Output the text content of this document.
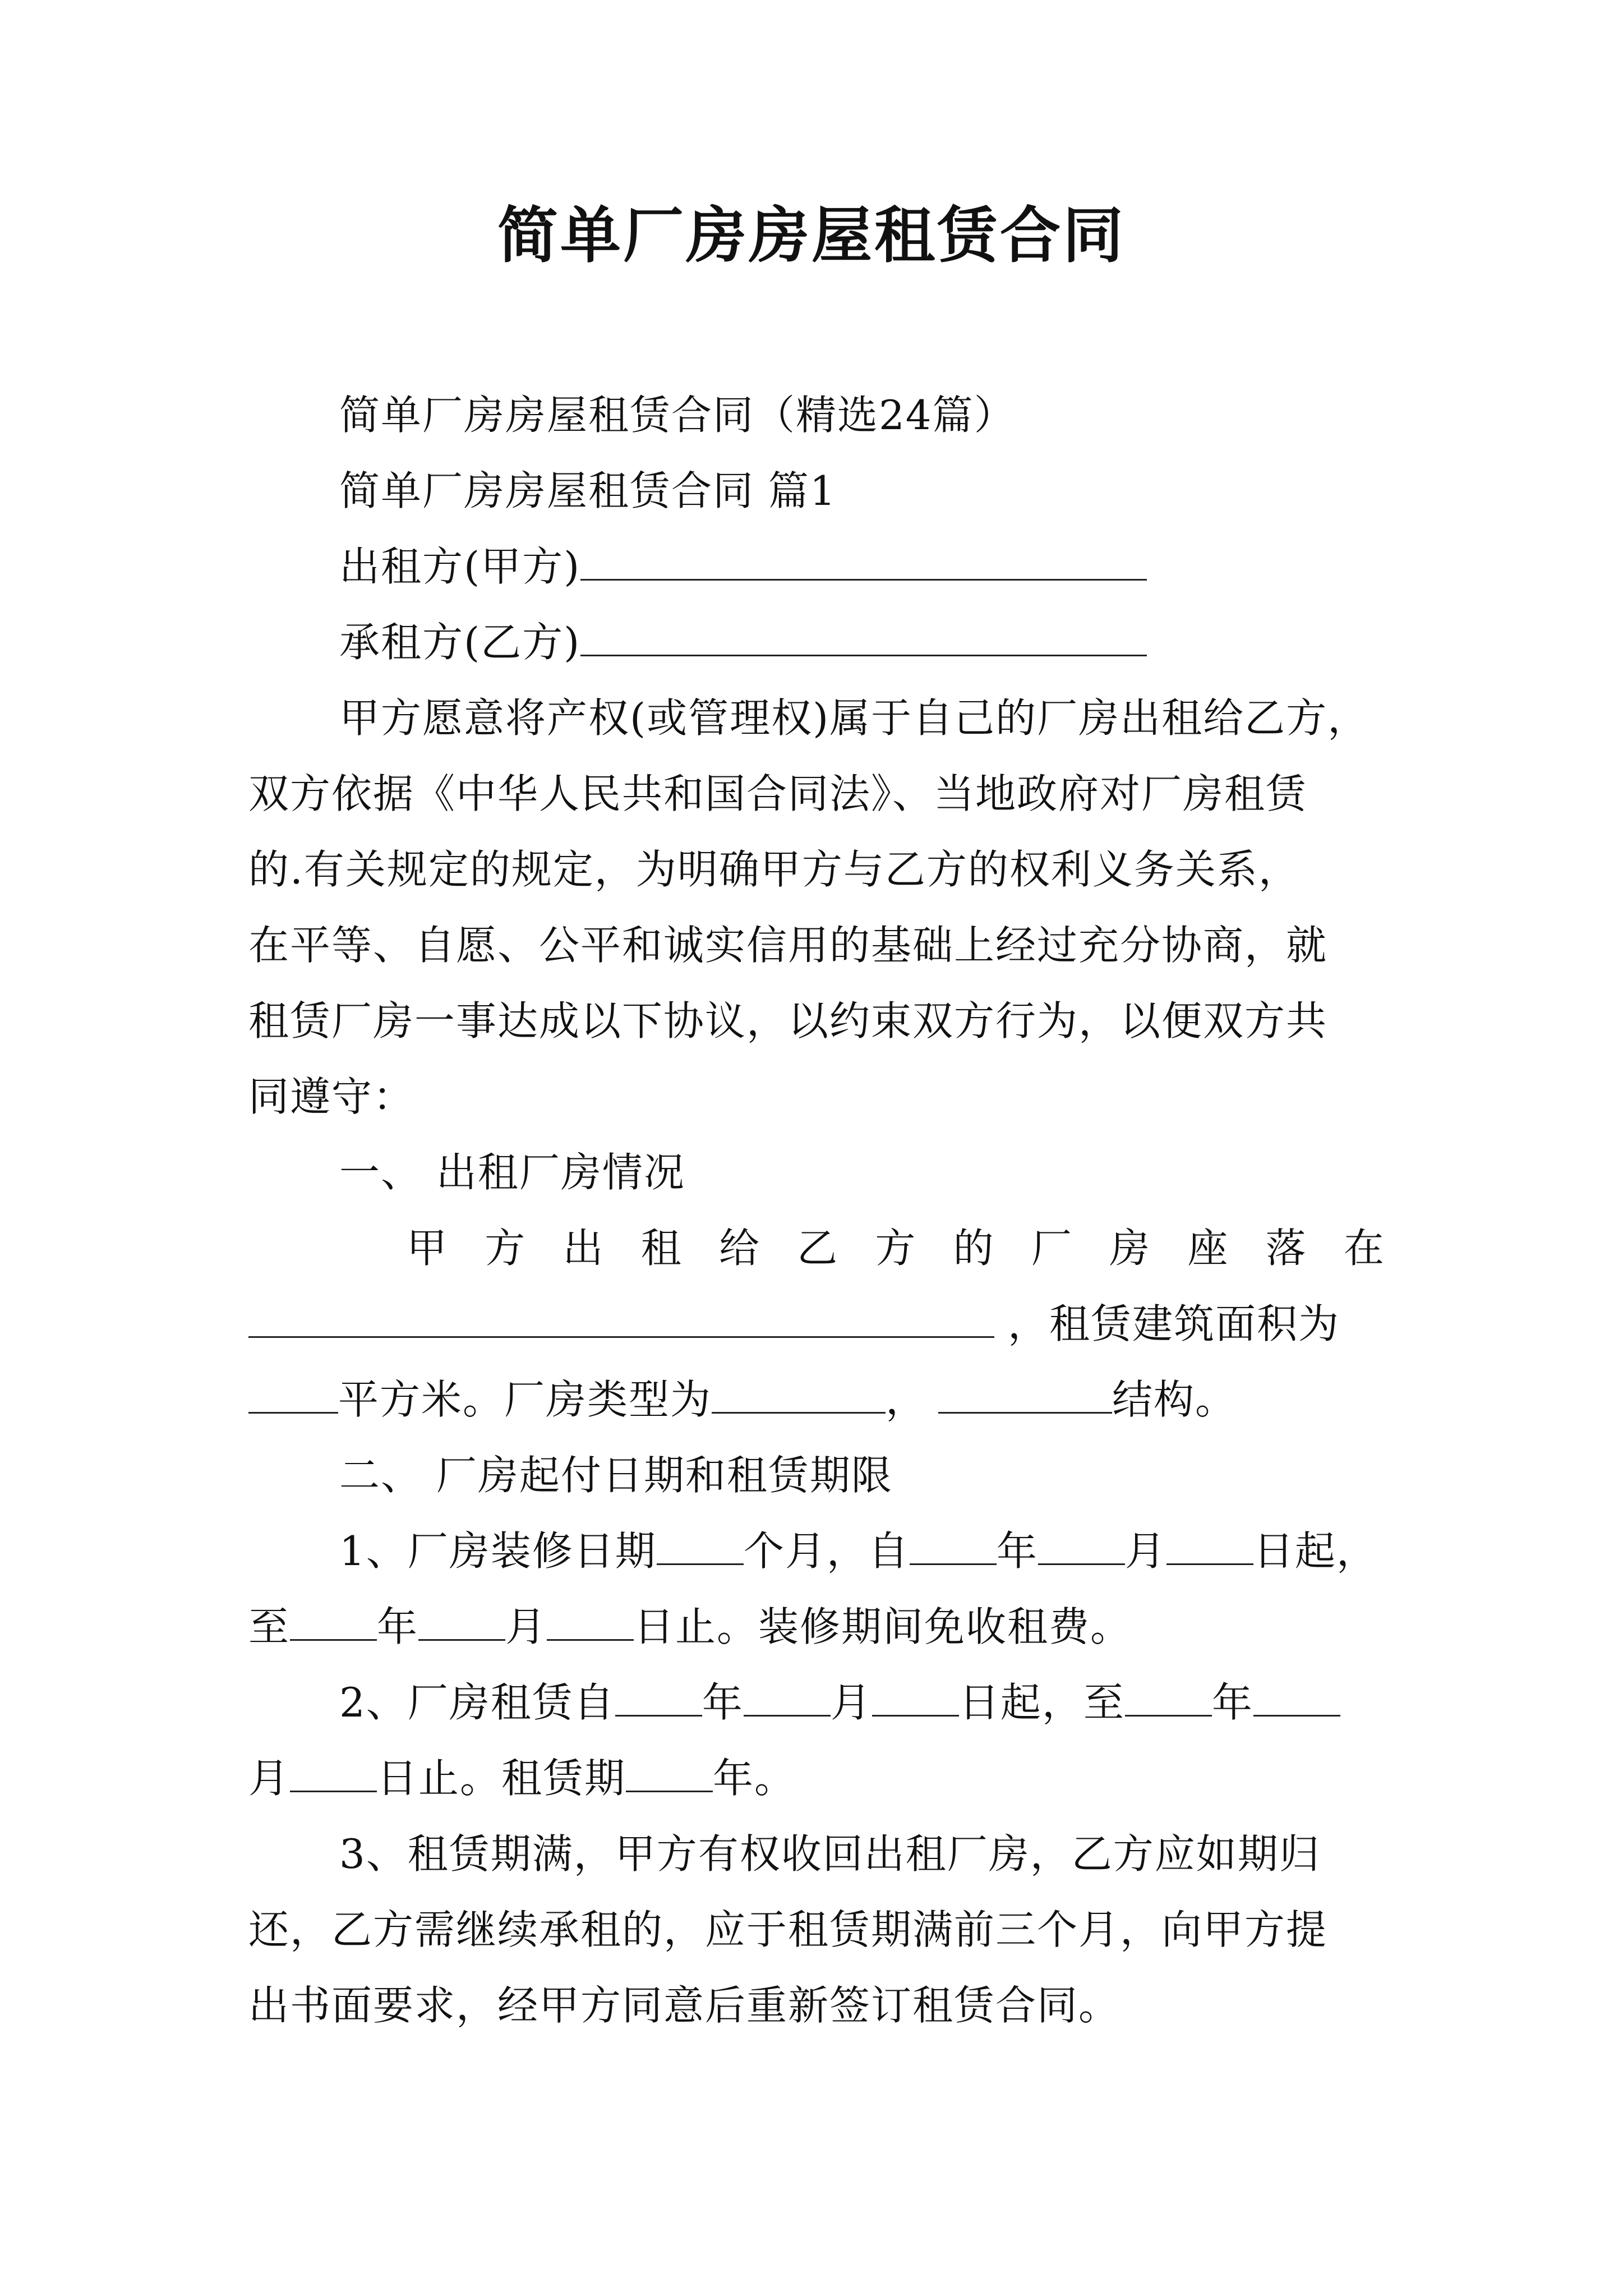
简单厂房房屋租赁合同
简单厂房房屋租赁合同（精选24篇）
简单厂房房屋租赁合同 篇1
出租方(甲方)
承租方(乙方)
甲方愿意将产权(或管理权)属于自己的厂房出租给乙方，
双方依据《中华人民共和国合同法》、当地政府对厂房租赁
的.有关规定的规定，为明确甲方与乙方的权利义务关系，
在平等、自愿、公平和诚实信用的基础上经过充分协商，就
租赁厂房一事达成以下协议，以约束双方行为，以便双方共
同遵守：
一、 出租厂房情况
甲 方 出 租 给 乙 方 的 厂 房 座 落 在
，租赁建筑面积为
平方米。厂房类型为	，	结构。
二、 厂房起付日期和租赁期限
1、厂房装修日期 个月，自 年 月 日起，
至 年 月 日止。装修期间免收租费。
2、厂房租赁自 年 月 日起，至 年
月 日止。租赁期 年。
3、租赁期满，甲方有权收回出租厂房，乙方应如期归
还，乙方需继续承租的，应于租赁期满前三个月，向甲方提
出书面要求，经甲方同意后重新签订租赁合同。
